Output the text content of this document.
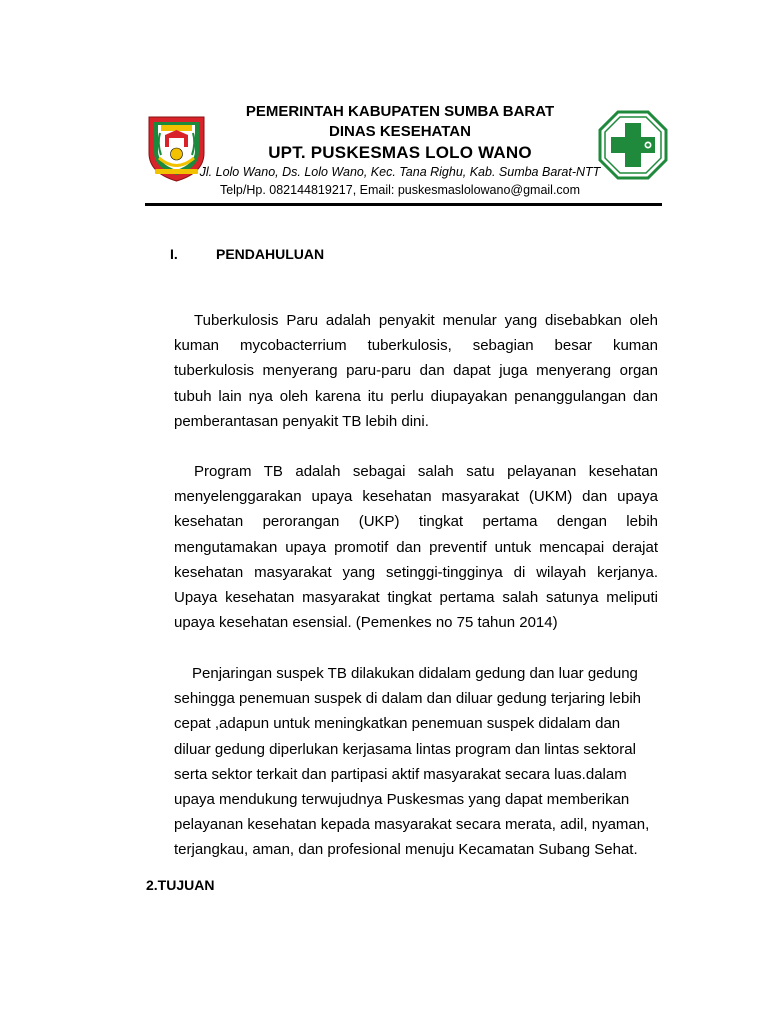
PEMERINTAH KABUPATEN SUMBA BARAT
DINAS KESEHATAN
UPT. PUSKESMAS LOLO WANO
Jl. Lolo Wano, Ds. Lolo Wano, Kec. Tana Righu, Kab. Sumba Barat-NTT
Telp/Hp. 082144819217, Email: puskesmaslolowano@gmail.com
I.	PENDAHULUAN

Tuberkulosis Paru adalah penyakit menular yang disebabkan oleh kuman mycobacterrium tuberkulosis, sebagian besar kuman tuberkulosis menyerang paru-paru dan dapat juga menyerang organ tubuh lain nya oleh karena itu perlu diupayakan penanggulangan dan pemberantasan penyakit TB lebih dini.

Program TB adalah sebagai salah satu pelayanan kesehatan menyelenggarakan upaya kesehatan masyarakat (UKM) dan upaya kesehatan perorangan (UKP) tingkat pertama dengan lebih mengutamakan upaya promotif dan preventif untuk mencapai derajat kesehatan masyarakat yang setinggi-tingginya di wilayah kerjanya. Upaya kesehatan masyarakat tingkat pertama salah satunya meliputi upaya kesehatan esensial. (Pemenkes no 75 tahun 2014)

Penjaringan suspek TB dilakukan didalam gedung dan luar gedung sehingga penemuan suspek di dalam dan diluar gedung terjaring lebih cepat ,adapun untuk meningkatkan penemuan suspek didalam dan diluar gedung diperlukan kerjasama lintas program dan lintas sektoral serta sektor terkait dan partipasi aktif masyarakat secara luas.dalam upaya mendukung terwujudnya Puskesmas yang dapat memberikan pelayanan kesehatan kepada masyarakat secara merata, adil, nyaman, terjangkau, aman, dan profesional menuju Kecamatan Subang Sehat.

2.TUJUAN
